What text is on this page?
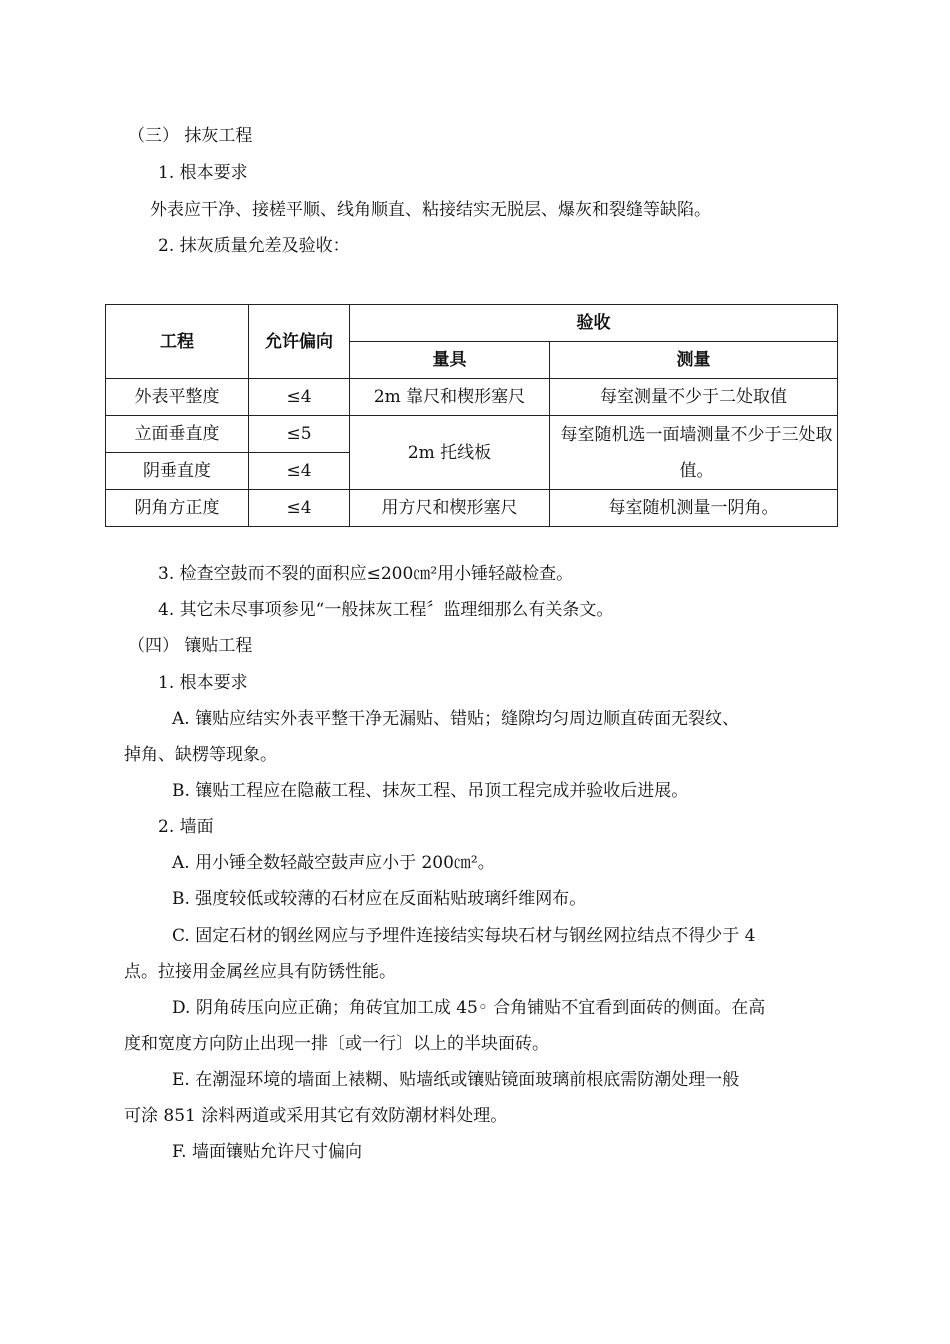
（三） 抹灰工程
1. 根本要求
外表应干净、接槎平顺、线角顺直、粘接结实无脱层、爆灰和裂缝等缺陷。
2. 抹灰质量允差及验收：
工程	允许偏向	验收	
		量具	测量
外表平整度	≤4	2m 靠尺和楔形塞尺	每室测量不少于二处取值
立面垂直度	≤5	2m 托线板	每室随机选一面墙测量不少于三处取值。
阴垂直度	≤4		
阴角方正度	≤4	用方尺和楔形塞尺	每室随机测量一阴角。
3. 检查空鼓而不裂的面积应≤200㎝²用小锤轻敲检查。
4. 其它未尽事项参见“一般抹灰工程〞监理细那么有关条文。
（四） 镶贴工程
1. 根本要求
A. 镶贴应结实外表平整干净无漏贴、错贴；缝隙均匀周边顺直砖面无裂纹、
掉角、缺楞等现象。
B. 镶贴工程应在隐蔽工程、抹灰工程、吊顶工程完成并验收后进展。
2. 墙面
A. 用小锤全数轻敲空鼓声应小于 200㎝²。
B. 强度较低或较薄的石材应在反面粘贴玻璃纤维网布。
C. 固定石材的钢丝网应与予埋件连接结实每块石材与钢丝网拉结点不得少于 4
点。拉接用金属丝应具有防锈性能。
D. 阴角砖压向应正确；角砖宜加工成 45◦ 合角铺贴不宜看到面砖的侧面。在高
度和宽度方向防止出现一排〔或一行〕以上的半块面砖。
E. 在潮湿环境的墙面上裱糊、贴墙纸或镶贴镜面玻璃前根底需防潮处理一般
可涂 851 涂料两道或采用其它有效防潮材料处理。
F. 墙面镶贴允许尺寸偏向
